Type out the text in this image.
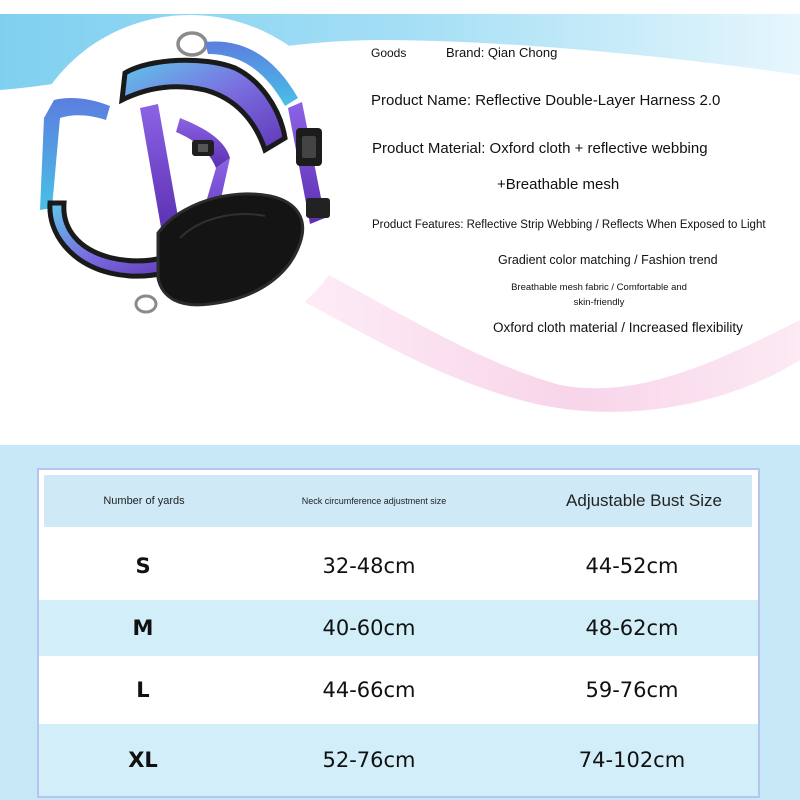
Goods	Brand: Qian Chong
Product Name: Reflective Double-Layer Harness 2.0
Product Material: Oxford cloth + reflective webbing
+Breathable mesh
Product Features: Reflective Strip Webbing / Reflects When Exposed to Light
Gradient color matching / Fashion trend
Breathable mesh fabric / Comfortable and skin-friendly
Oxford cloth material / Increased flexibility
Number of yards	Neck circumference adjustment size	Adjustable Bust Size
S	32-48cm	44-52cm
M	40-60cm	48-62cm
L	44-66cm	59-76cm
XL	52-76cm	74-102cm
